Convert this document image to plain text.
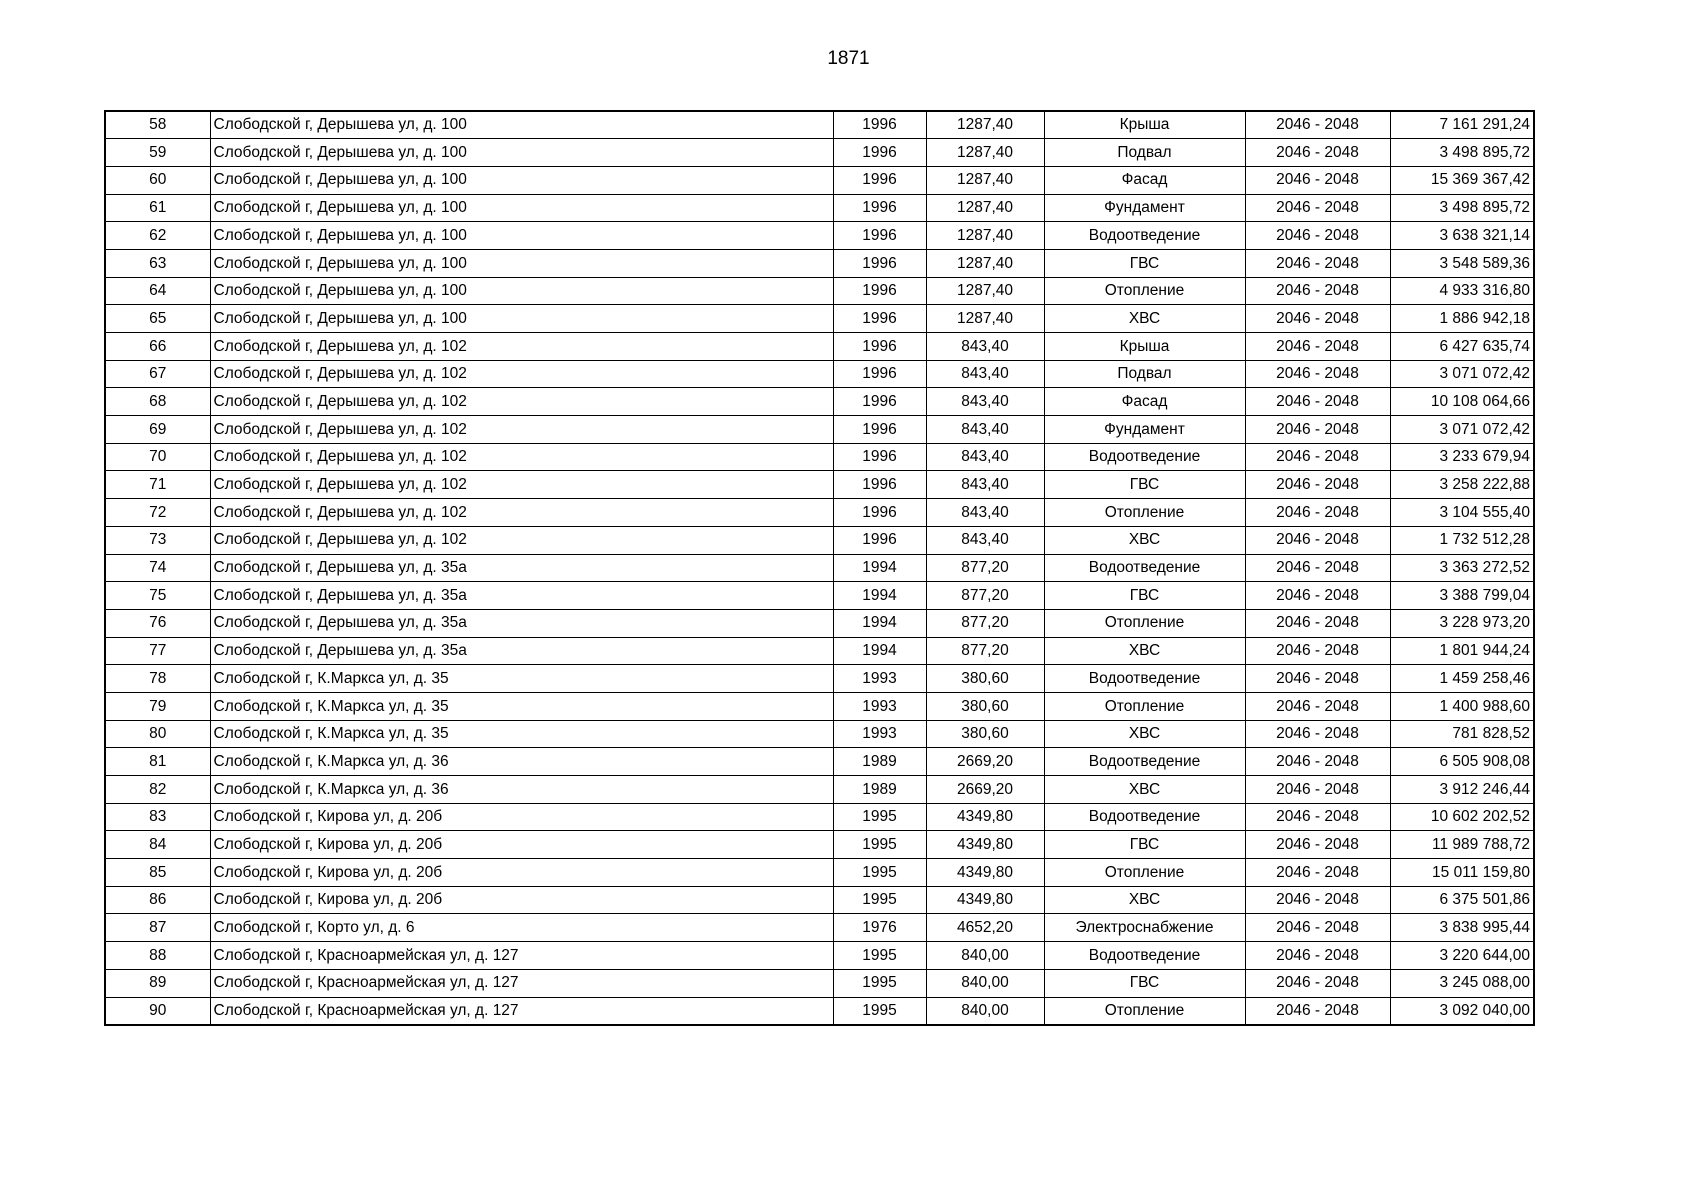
1871
58	Слободской г, Дерышева ул, д. 100	1996	1287,40	Крыша	2046 - 2048	7 161 291,24
59	Слободской г, Дерышева ул, д. 100	1996	1287,40	Подвал	2046 - 2048	3 498 895,72
60	Слободской г, Дерышева ул, д. 100	1996	1287,40	Фасад	2046 - 2048	15 369 367,42
61	Слободской г, Дерышева ул, д. 100	1996	1287,40	Фундамент	2046 - 2048	3 498 895,72
62	Слободской г, Дерышева ул, д. 100	1996	1287,40	Водоотведение	2046 - 2048	3 638 321,14
63	Слободской г, Дерышева ул, д. 100	1996	1287,40	ГВС	2046 - 2048	3 548 589,36
64	Слободской г, Дерышева ул, д. 100	1996	1287,40	Отопление	2046 - 2048	4 933 316,80
65	Слободской г, Дерышева ул, д. 100	1996	1287,40	ХВС	2046 - 2048	1 886 942,18
66	Слободской г, Дерышева ул, д. 102	1996	843,40	Крыша	2046 - 2048	6 427 635,74
67	Слободской г, Дерышева ул, д. 102	1996	843,40	Подвал	2046 - 2048	3 071 072,42
68	Слободской г, Дерышева ул, д. 102	1996	843,40	Фасад	2046 - 2048	10 108 064,66
69	Слободской г, Дерышева ул, д. 102	1996	843,40	Фундамент	2046 - 2048	3 071 072,42
70	Слободской г, Дерышева ул, д. 102	1996	843,40	Водоотведение	2046 - 2048	3 233 679,94
71	Слободской г, Дерышева ул, д. 102	1996	843,40	ГВС	2046 - 2048	3 258 222,88
72	Слободской г, Дерышева ул, д. 102	1996	843,40	Отопление	2046 - 2048	3 104 555,40
73	Слободской г, Дерышева ул, д. 102	1996	843,40	ХВС	2046 - 2048	1 732 512,28
74	Слободской г, Дерышева ул, д. 35а	1994	877,20	Водоотведение	2046 - 2048	3 363 272,52
75	Слободской г, Дерышева ул, д. 35а	1994	877,20	ГВС	2046 - 2048	3 388 799,04
76	Слободской г, Дерышева ул, д. 35а	1994	877,20	Отопление	2046 - 2048	3 228 973,20
77	Слободской г, Дерышева ул, д. 35а	1994	877,20	ХВС	2046 - 2048	1 801 944,24
78	Слободской г, К.Маркса ул, д. 35	1993	380,60	Водоотведение	2046 - 2048	1 459 258,46
79	Слободской г, К.Маркса ул, д. 35	1993	380,60	Отопление	2046 - 2048	1 400 988,60
80	Слободской г, К.Маркса ул, д. 35	1993	380,60	ХВС	2046 - 2048	781 828,52
81	Слободской г, К.Маркса ул, д. 36	1989	2669,20	Водоотведение	2046 - 2048	6 505 908,08
82	Слободской г, К.Маркса ул, д. 36	1989	2669,20	ХВС	2046 - 2048	3 912 246,44
83	Слободской г, Кирова ул, д. 20б	1995	4349,80	Водоотведение	2046 - 2048	10 602 202,52
84	Слободской г, Кирова ул, д. 20б	1995	4349,80	ГВС	2046 - 2048	11 989 788,72
85	Слободской г, Кирова ул, д. 20б	1995	4349,80	Отопление	2046 - 2048	15 011 159,80
86	Слободской г, Кирова ул, д. 20б	1995	4349,80	ХВС	2046 - 2048	6 375 501,86
87	Слободской г, Корто ул, д. 6	1976	4652,20	Электроснабжение	2046 - 2048	3 838 995,44
88	Слободской г, Красноармейская ул, д. 127	1995	840,00	Водоотведение	2046 - 2048	3 220 644,00
89	Слободской г, Красноармейская ул, д. 127	1995	840,00	ГВС	2046 - 2048	3 245 088,00
90	Слободской г, Красноармейская ул, д. 127	1995	840,00	Отопление	2046 - 2048	3 092 040,00
